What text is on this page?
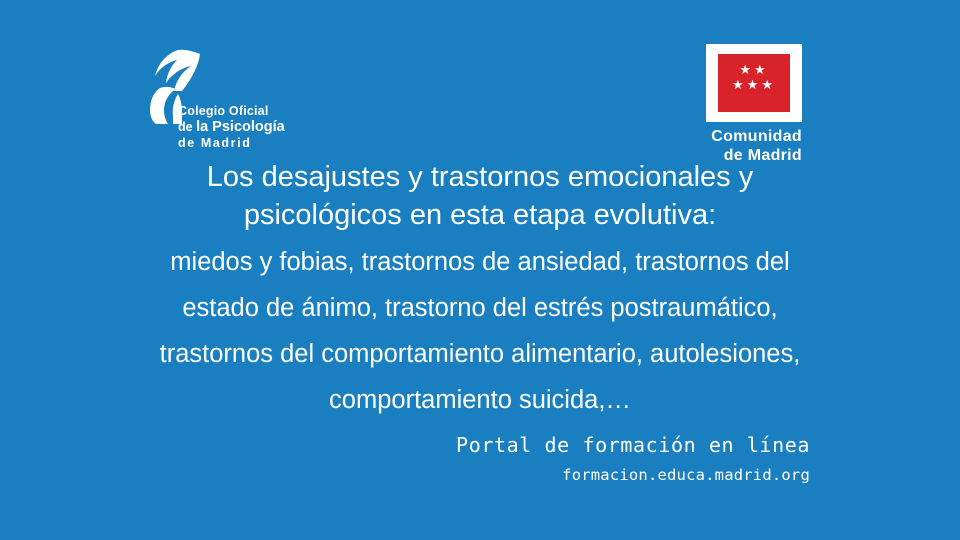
Colegio Oficial
de la Psicología
de Madrid
★★
★★★
Comunidad
de Madrid
Los desajustes y trastornos emocionales y
psicológicos en esta etapa evolutiva:
miedos y fobias, trastornos de ansiedad, trastornos del
estado de ánimo, trastorno del estrés postraumático,
trastornos del comportamiento alimentario, autolesiones,
comportamiento suicida,…
Portal de formación en línea
formacion.educa.madrid.org
